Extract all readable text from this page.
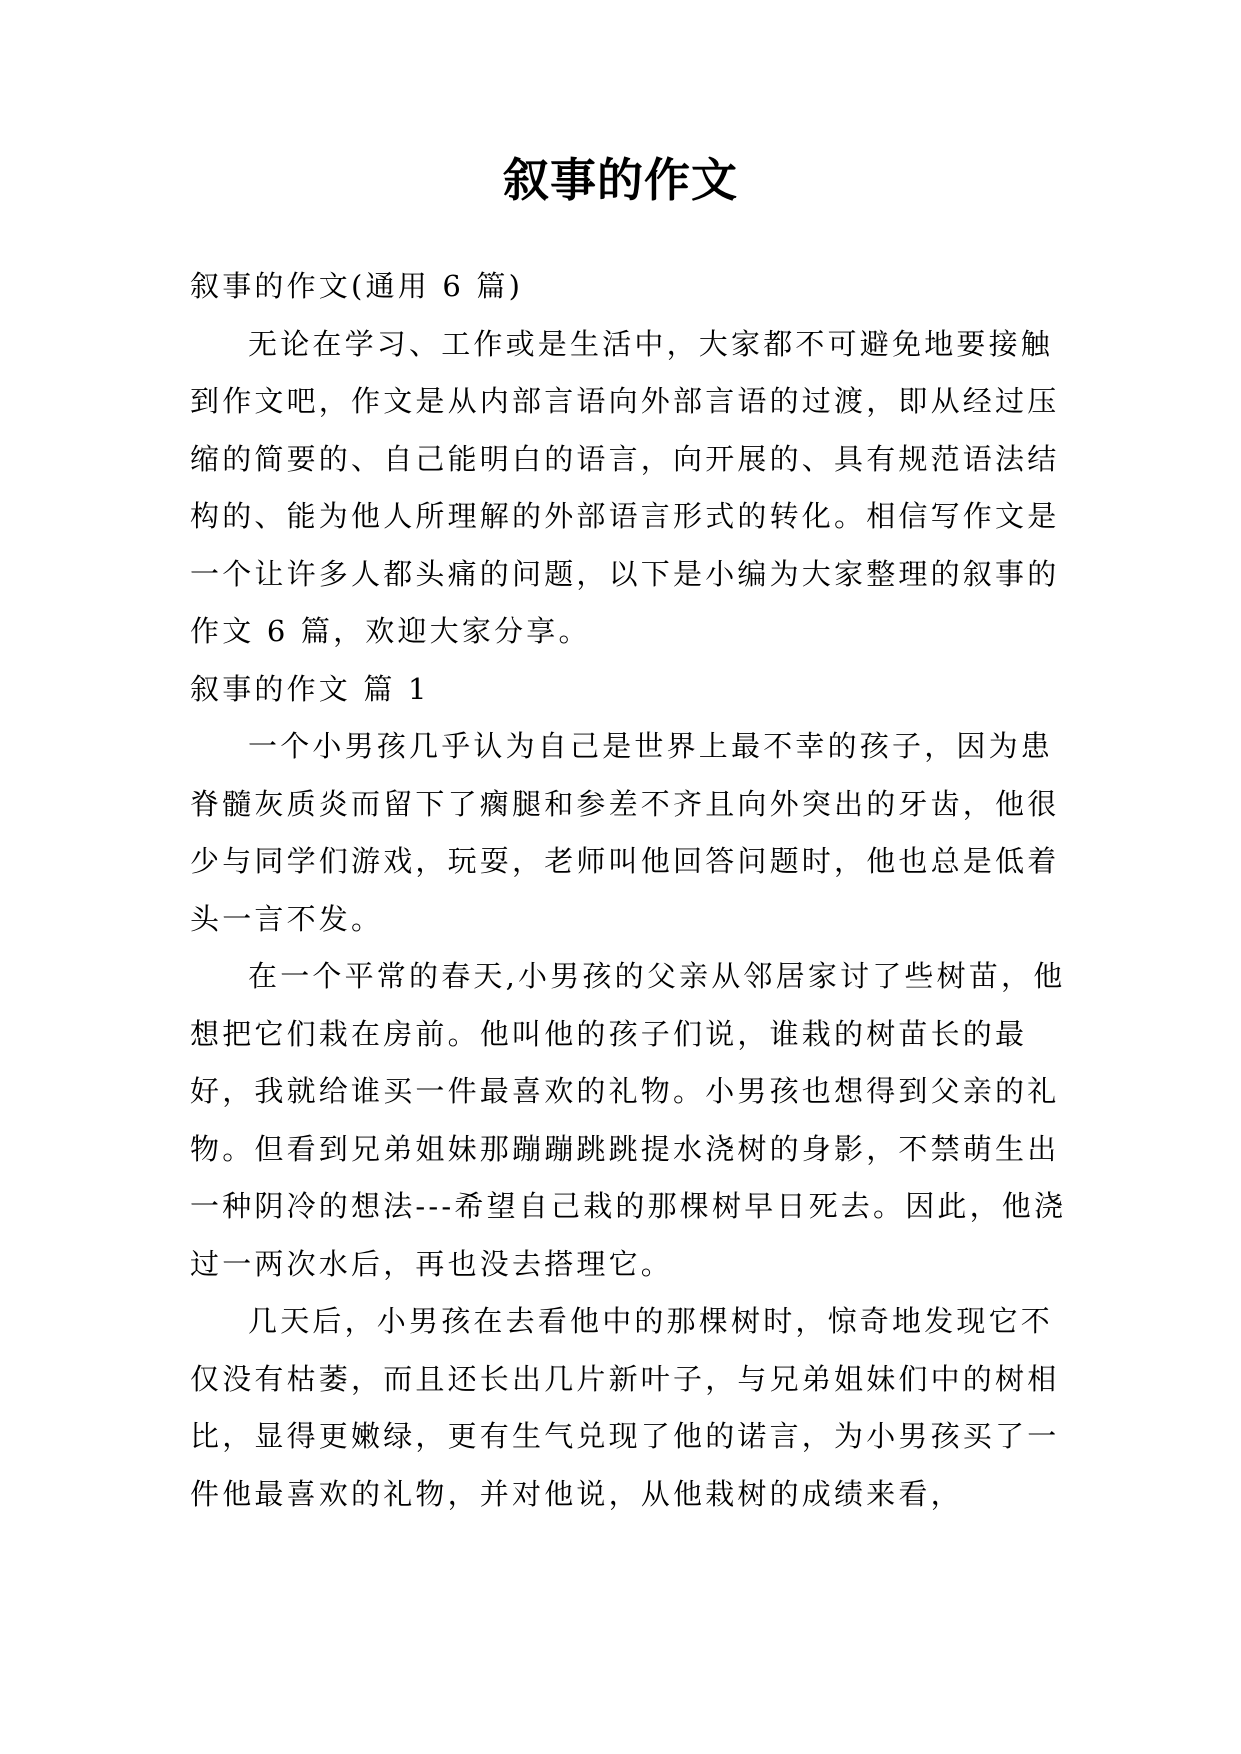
叙事的作文

叙事的作文(通用 6 篇)

无论在学习、工作或是生活中，大家都不可避免地要接触到作文吧，作文是从内部言语向外部言语的过渡，即从经过压缩的简要的、自己能明白的语言，向开展的、具有规范语法结构的、能为他人所理解的外部语言形式的转化。相信写作文是一个让许多人都头痛的问题，以下是小编为大家整理的叙事的作文 6 篇，欢迎大家分享。

叙事的作文 篇 1

一个小男孩几乎认为自己是世界上最不幸的孩子，因为患脊髓灰质炎而留下了瘸腿和参差不齐且向外突出的牙齿，他很少与同学们游戏，玩耍，老师叫他回答问题时，他也总是低着头一言不发。

在一个平常的春天,小男孩的父亲从邻居家讨了些树苗，他想把它们栽在房前。他叫他的孩子们说，谁栽的树苗长的最好，我就给谁买一件最喜欢的礼物。小男孩也想得到父亲的礼物。但看到兄弟姐妹那蹦蹦跳跳提水浇树的身影，不禁萌生出一种阴冷的想法---希望自己栽的那棵树早日死去。因此，他浇过一两次水后，再也没去搭理它。

几天后，小男孩在去看他中的那棵树时，惊奇地发现它不仅没有枯萎，而且还长出几片新叶子，与兄弟姐妹们中的树相比，显得更嫩绿，更有生气兑现了他的诺言，为小男孩买了一件他最喜欢的礼物，并对他说，从他栽树的成绩来看，
